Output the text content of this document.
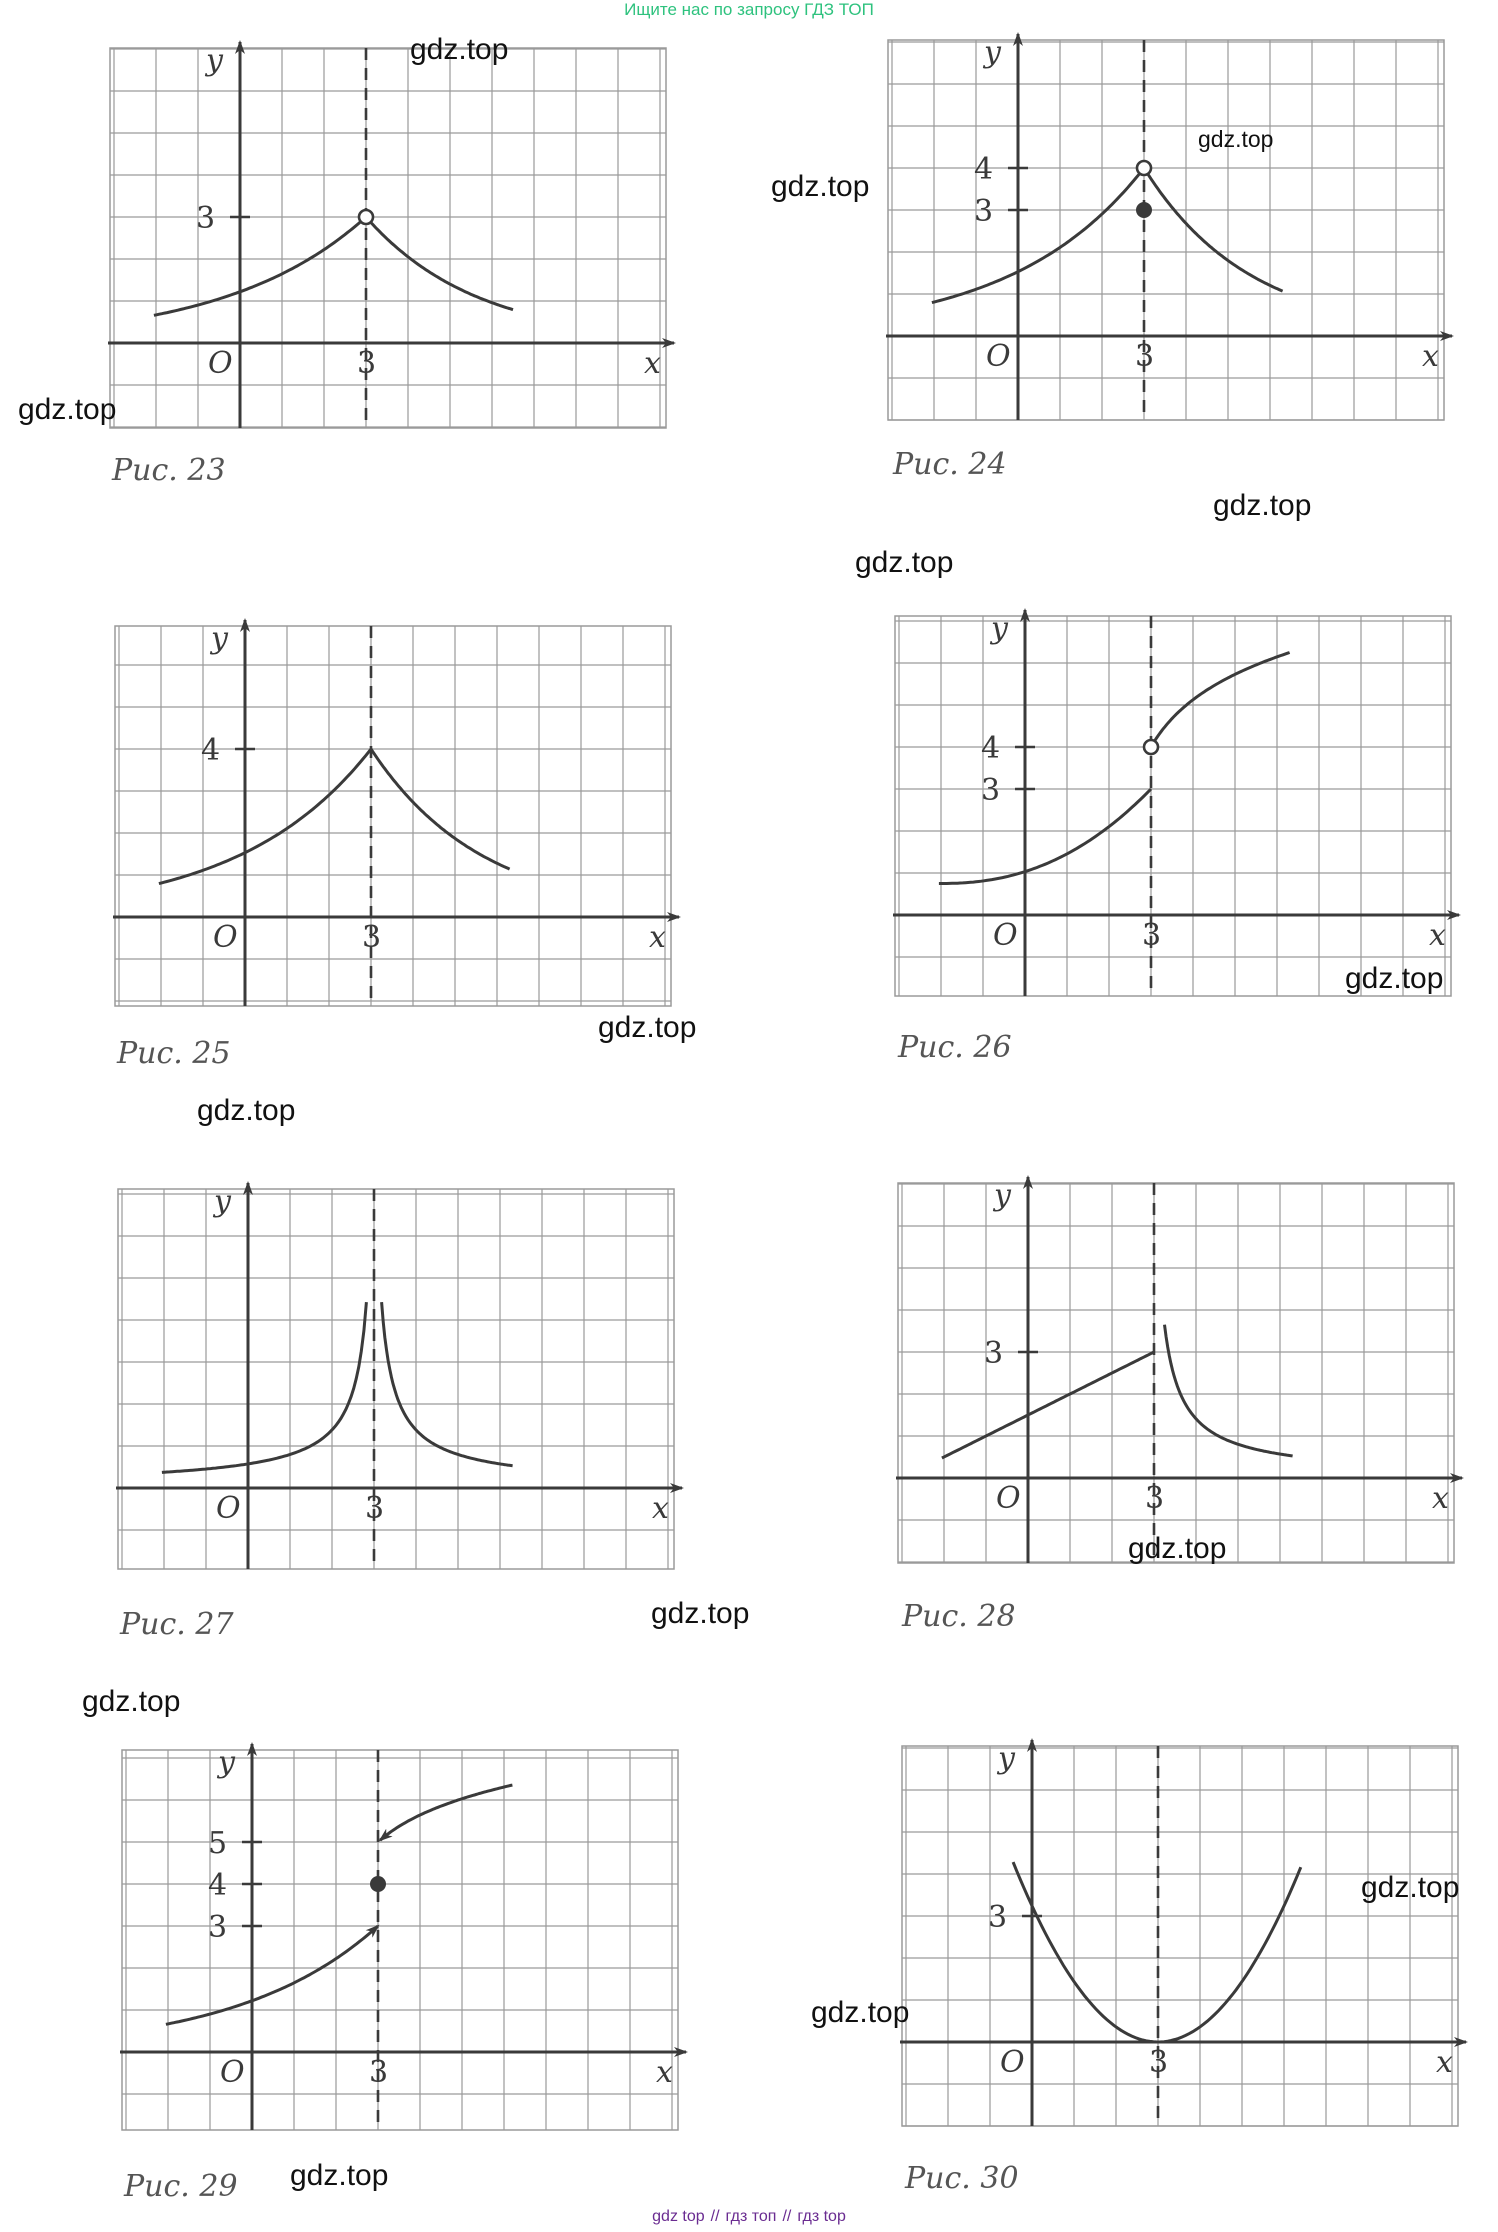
Ищите нас по запросу ГДЗ ТОП
y
x
O	3
3
Рис. 23
y
x
O	3
4
3
Рис. 24
y
x
O	3
4
Рис. 25
y
x
O	3
4
3
Рис. 26
y
x
O	3
Рис. 27
y
x
O	3
3
Рис. 28
y
x
O	3
5
4
3
Рис. 29
y
x
O	3
3
Рис. 30
gdz.top
gdz.top
gdz.top
gdz.top
gdz.top
gdz.top
gdz.top
gdz.top
gdz.top
gdz.top
gdz.top
gdz.top
gdz.top
gdz.top
gdz.top
gdz top // гдз топ // гдз top
